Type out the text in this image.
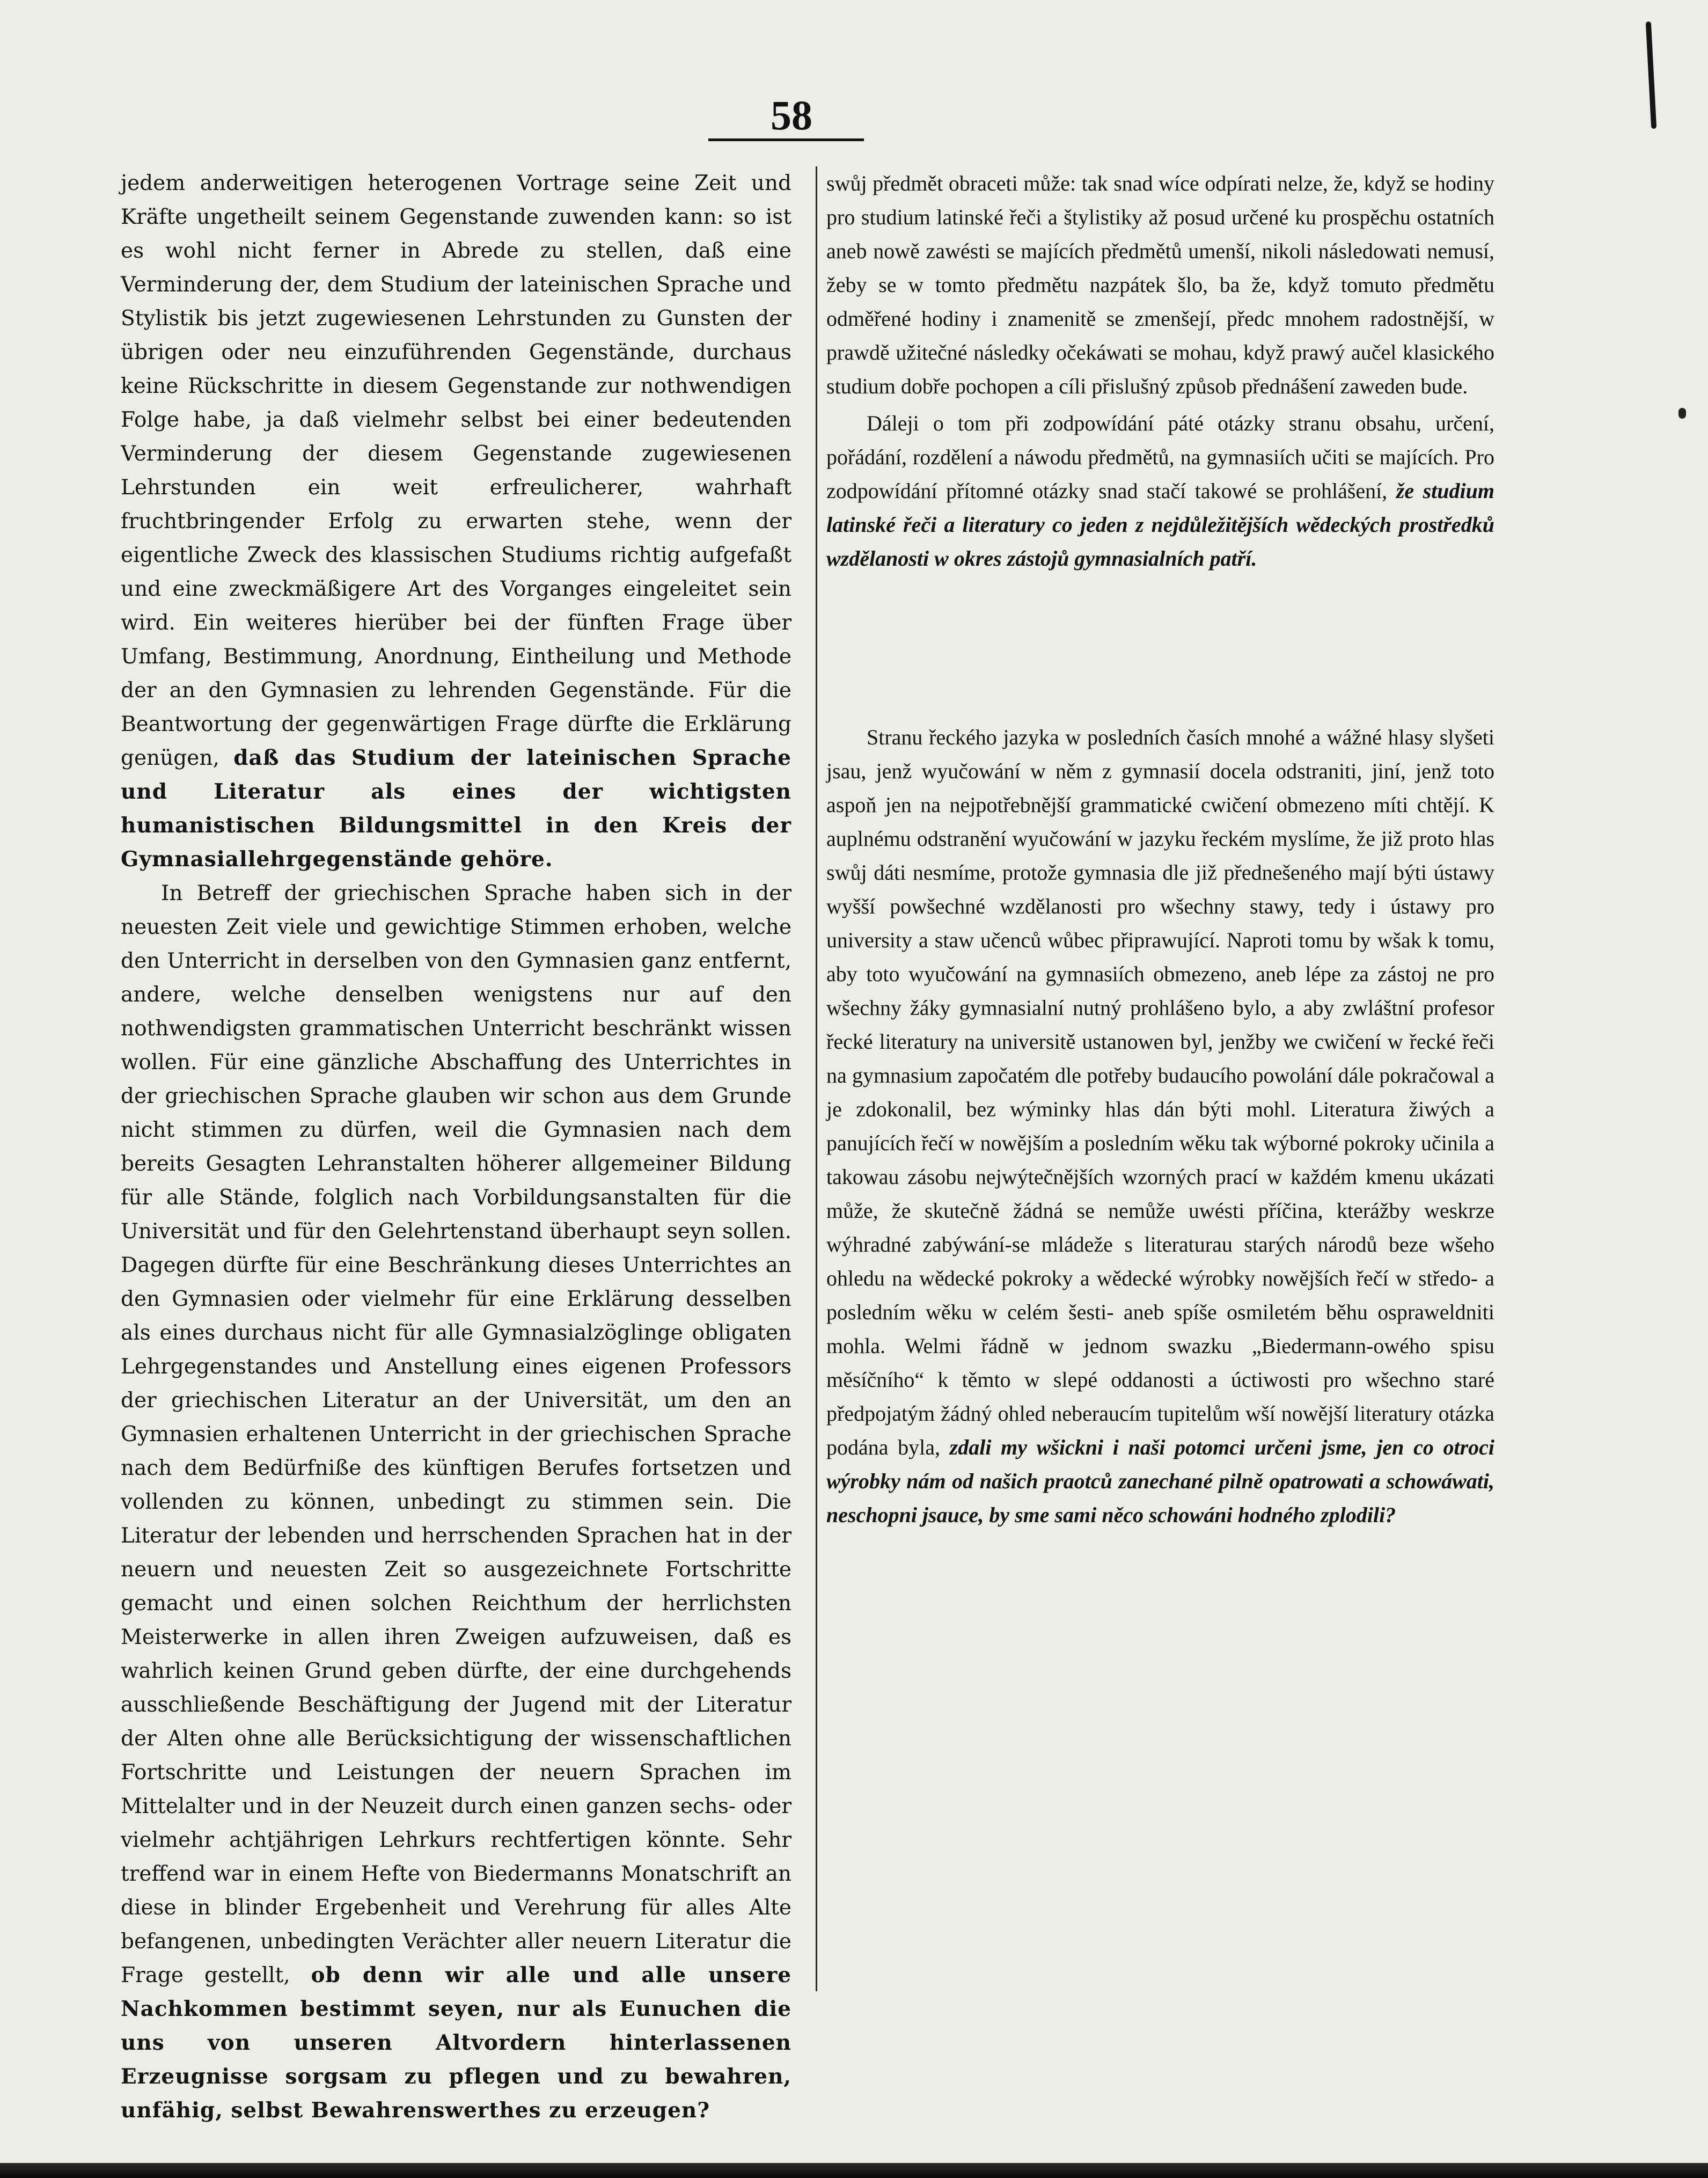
58

jedem anderweitigen heterogenen Vortrage seine Zeit und Kräfte ungetheilt seinem Gegenstande zuwenden kann: so ist es wohl nicht ferner in Abrede zu stellen, daß eine Verminderung der, dem Studium der lateinischen Sprache und Stylistik bis jetzt zugewiesenen Lehrstunden zu Gunsten der übrigen oder neu einzuführenden Gegenstände, durchaus keine Rückschritte in diesem Gegenstande zur nothwendigen Folge habe, ja daß vielmehr selbst bei einer bedeutenden Verminderung der diesem Gegenstande zugewiesenen Lehrstunden ein weit erfreulicherer, wahrhaft fruchtbringender Erfolg zu erwarten stehe, wenn der eigentliche Zweck des klassischen Studiums richtig aufgefaßt und eine zweckmäßigere Art des Vorganges eingeleitet sein wird. Ein weiteres hierüber bei der fünften Frage über Umfang, Bestimmung, Anordnung, Eintheilung und Methode der an den Gymnasien zu lehrenden Gegenstände. Für die Beantwortung der gegenwärtigen Frage dürfte die Erklärung genügen, daß das Studium der lateinischen Sprache und Literatur als eines der wichtigsten humanistischen Bildungsmittel in den Kreis der Gymnasiallehrgegenstände gehöre.

In Betreff der griechischen Sprache haben sich in der neuesten Zeit viele und gewichtige Stimmen erhoben, welche den Unterricht in derselben von den Gymnasien ganz entfernt, andere, welche denselben wenigstens nur auf den nothwendigsten grammatischen Unterricht beschränkt wissen wollen. Für eine gänzliche Abschaffung des Unterrichtes in der griechischen Sprache glauben wir schon aus dem Grunde nicht stimmen zu dürfen, weil die Gymnasien nach dem bereits Gesagten Lehranstalten höherer allgemeiner Bildung für alle Stände, folglich nach Vorbildungsanstalten für die Universität und für den Gelehrtenstand überhaupt seyn sollen. Dagegen dürfte für eine Beschränkung dieses Unterrichtes an den Gymnasien oder vielmehr für eine Erklärung desselben als eines durchaus nicht für alle Gymnasialzöglinge obligaten Lehrgegenstandes und Anstellung eines eigenen Professors der griechischen Literatur an der Universität, um den an Gymnasien erhaltenen Unterricht in der griechischen Sprache nach dem Bedürfniße des künftigen Berufes fortsetzen und vollenden zu können, unbedingt zu stimmen sein. Die Literatur der lebenden und herrschenden Sprachen hat in der neuern und neuesten Zeit so ausgezeichnete Fortschritte gemacht und einen solchen Reichthum der herrlichsten Meisterwerke in allen ihren Zweigen aufzuweisen, daß es wahrlich keinen Grund geben dürfte, der eine durchgehends ausschließende Beschäftigung der Jugend mit der Literatur der Alten ohne alle Berücksichtigung der wissenschaftlichen Fortschritte und Leistungen der neuern Sprachen im Mittelalter und in der Neuzeit durch einen ganzen sechs- oder vielmehr achtjährigen Lehrkurs rechtfertigen könnte. Sehr treffend war in einem Hefte von Biedermanns Monatschrift an diese in blinder Ergebenheit und Verehrung für alles Alte befangenen, unbedingten Verächter aller neuern Literatur die Frage gestellt, ob denn wir alle und alle unsere Nachkommen bestimmt seyen, nur als Eunuchen die uns von unseren Altvordern hinterlassenen Erzeugnisse sorgsam zu pflegen und zu bewahren, unfähig, selbst Bewahrenswerthes zu erzeugen?

swůj předmět obraceti může: tak snad wíce odpírati nelze, že, když se hodiny pro studium latinské řeči a štylistiky až posud určené ku prospěchu ostatních aneb nowě zawésti se majících předmětů umenší, nikoli následowati nemusí, žeby se w tomto předmětu nazpátek šlo, ba že, když tomuto předmětu odměřené hodiny i znamenitě se zmenšejí, předc mnohem radostnější, w prawdě užitečné následky očekáwati se mohau, když prawý aučel klasického studium dobře pochopen a cíli přislušný způsob přednášení zaweden bude.

Dáleji o tom při zodpowídání páté otázky stranu obsahu, určení, pořádání, rozdělení a náwodu předmětů, na gymnasiích učiti se majících. Pro zodpowídání přítomné otázky snad stačí takowé se prohlášení, že studium latinské řeči a literatury co jeden z nejdůležitějších wědeckých prostředků wzdělanosti w okres zástojů gymnasialních patří.

Stranu řeckého jazyka w posledních časích mnohé a wážné hlasy slyšeti jsau, jenž wyučowání w něm z gymnasií docela odstraniti, jiní, jenž toto aspoň jen na nejpotřebnější grammatické cwičení obmezeno míti chtějí. K auplnému odstranění wyučowání w jazyku řeckém myslíme, že již proto hlas swůj dáti nesmíme, protože gymnasia dle již přednešeného mají býti ústawy wyšší powšechné wzdělanosti pro wšechny stawy, tedy i ústawy pro university a staw učenců wůbec připrawující. Naproti tomu by wšak k tomu, aby toto wyučowání na gymnasiích obmezeno, aneb lépe za zástoj ne pro wšechny žáky gymnasialní nutný prohlášeno bylo, a aby zwláštní profesor řecké literatury na universitě ustanowen byl, jenžby we cwičení w řecké řeči na gymnasium započatém dle potřeby budaucího powolání dále pokračowal a je zdokonalil, bez wýminky hlas dán býti mohl. Literatura žiwých a panujících řečí w nowějším a posledním wěku tak wýborné pokroky učinila a takowau zásobu nejwýtečnějších wzorných prací w každém kmenu ukázati může, že skutečně žádná se nemůže uwésti příčina, kterážby weskrze wýhradné zabýwání-se mládeže s literaturau starých národů beze wšeho ohledu na wědecké pokroky a wědecké wýrobky nowějších řečí w středo- a posledním wěku w celém šesti- aneb spíše osmiletém běhu ospraweldniti mohla. Welmi řádně w jednom swazku „Biedermann-owého spisu měsíčního“ k těmto w slepé oddanosti a úctiwosti pro wšechno staré předpojatým žádný ohled neberaucím tupitelům wší nowější literatury otázka podána byla, zdali my wšickni i naši potomci určeni jsme, jen co otroci wýrobky nám od našich praotců zanechané pilně opatrowati a schowáwati, neschopni jsauce, by sme sami něco schowáni hodného zplodili?
